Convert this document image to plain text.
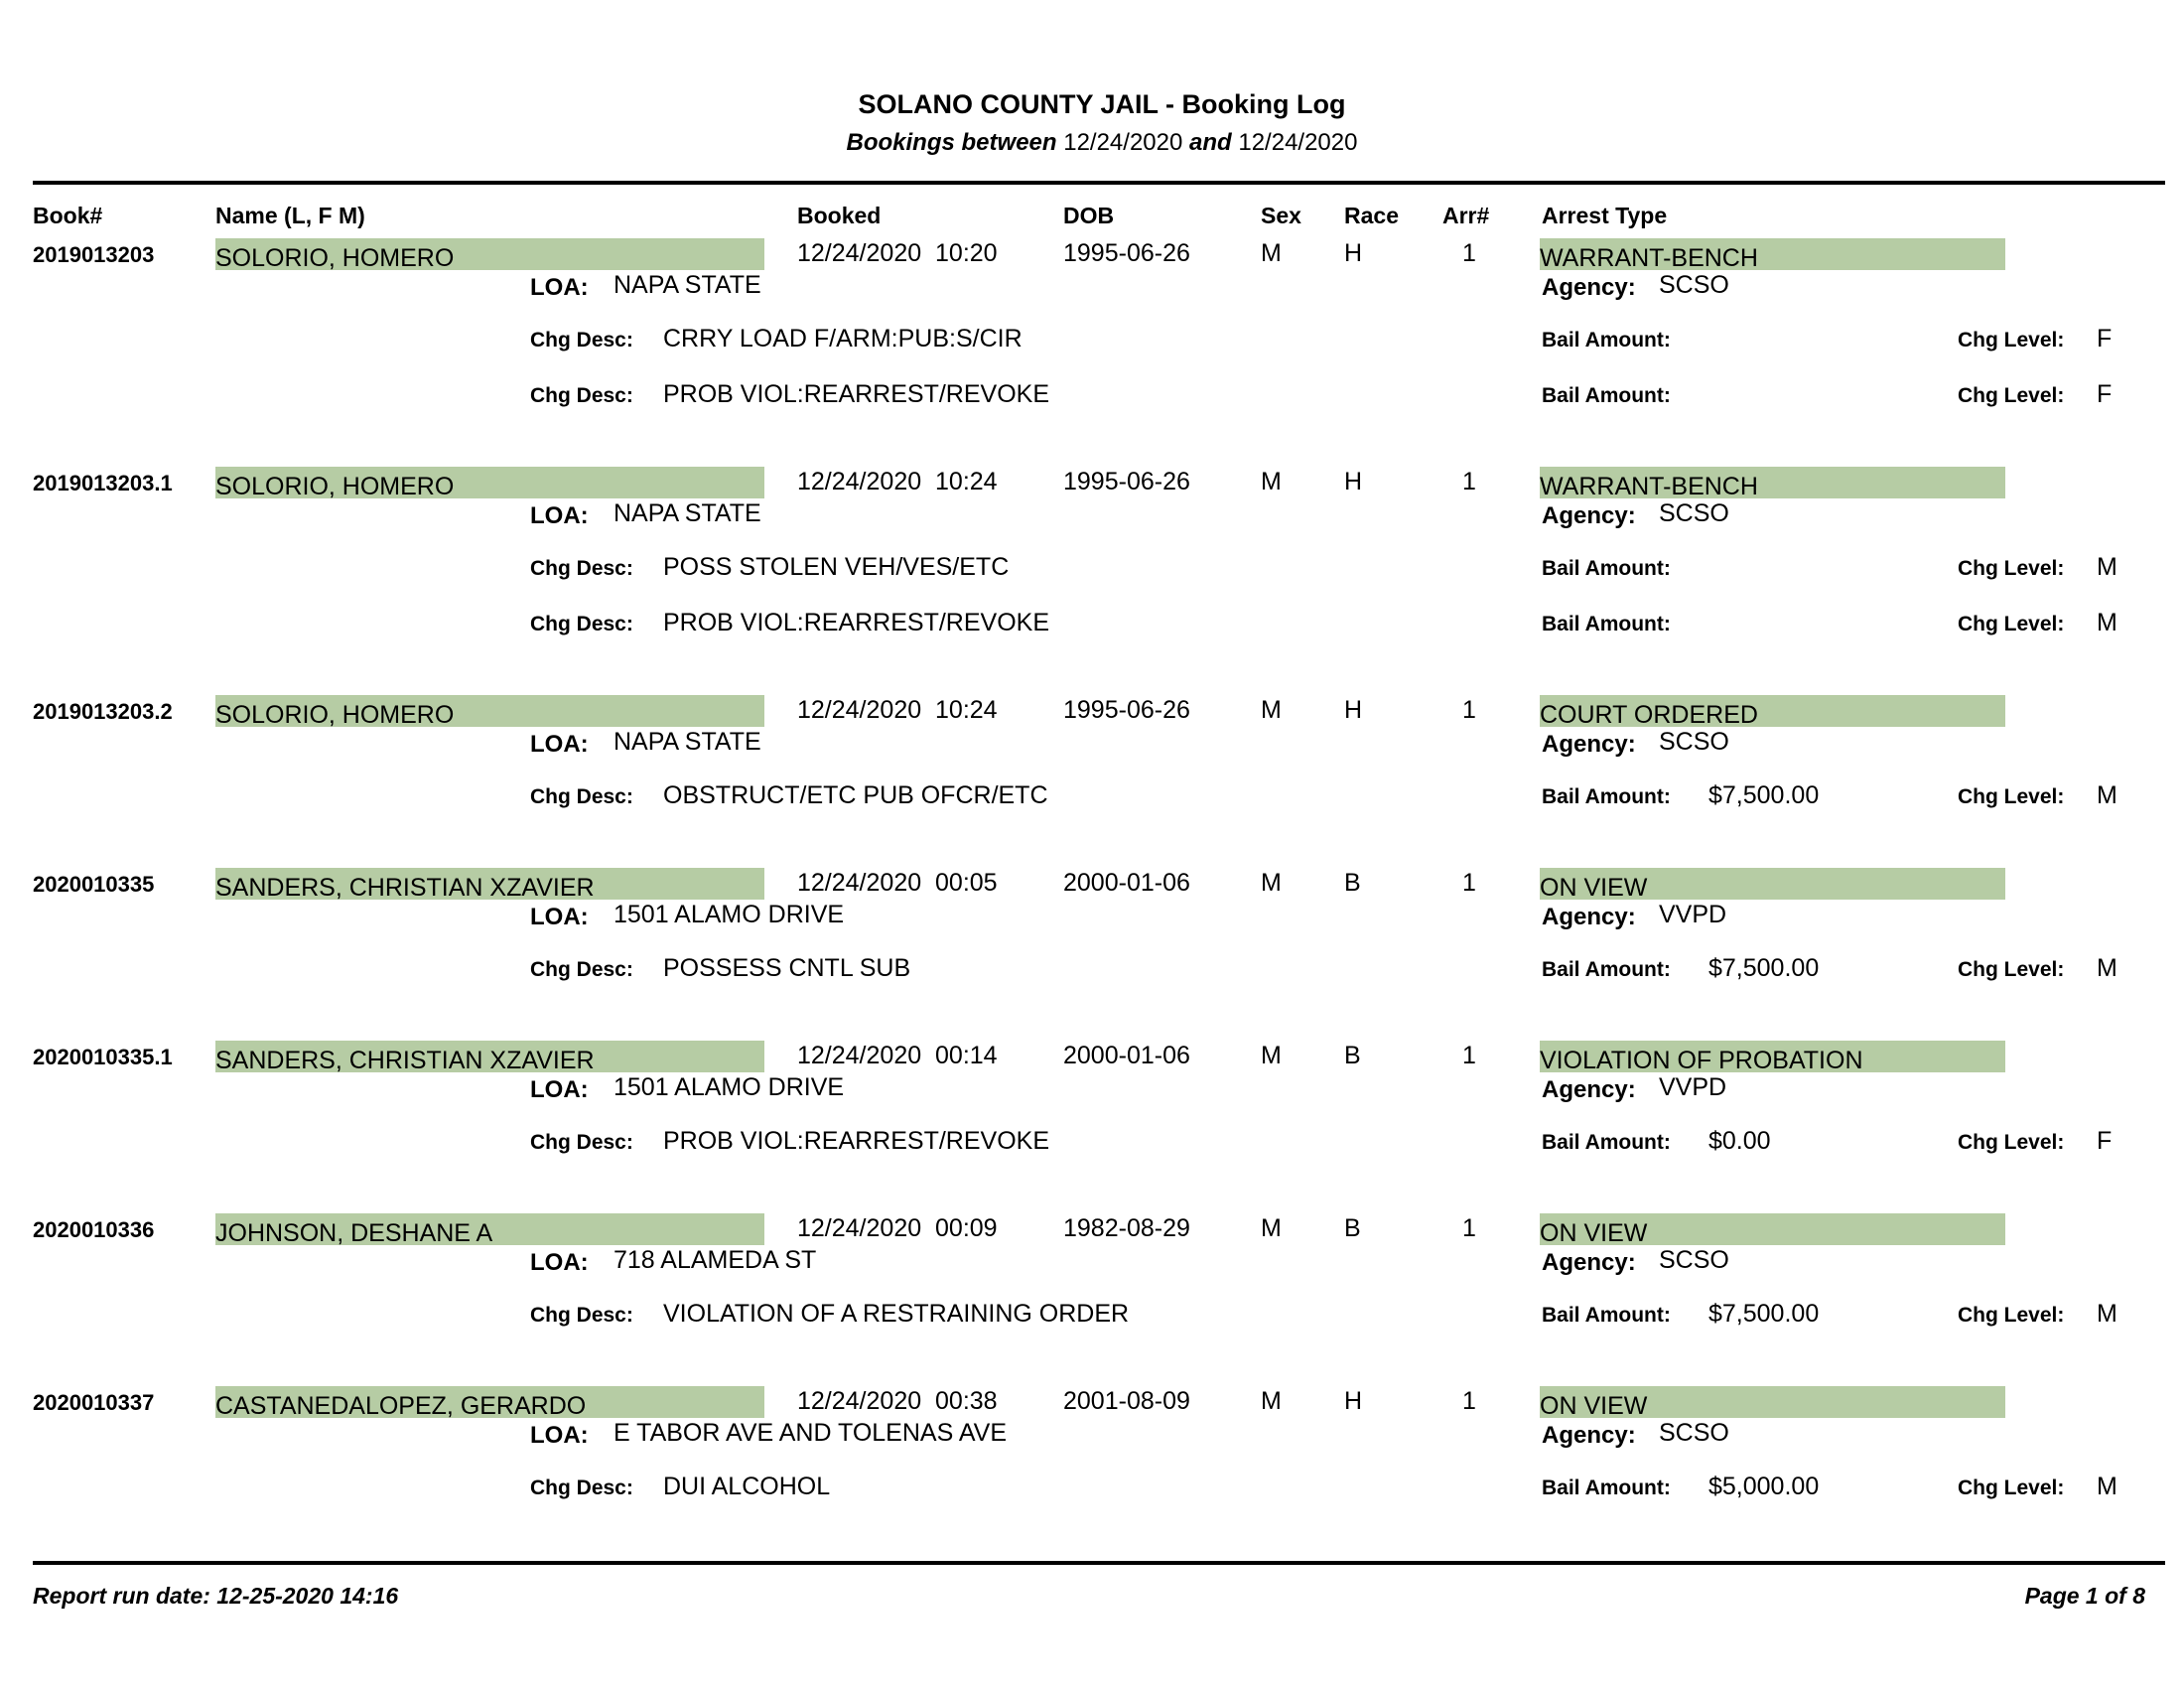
SOLANO COUNTY JAIL - Booking Log
Bookings between 12/24/2020 and 12/24/2020
Book#	Name (L, F M)	Booked	DOB	Sex Race Arr# Arrest Type
2019013203 SOLORIO, HOMERO	12/24/2020  10:20	1995-06-26	M	H	1	WARRANT-BENCH
LOA: NAPA STATE	Agency: SCSO
Chg Desc: CRRY LOAD F/ARM:PUB:S/CIR	Bail Amount:	Chg Level: F
Chg Desc: PROB VIOL:REARREST/REVOKE	Bail Amount:	Chg Level: F
2019013203.1 SOLORIO, HOMERO	12/24/2020  10:24	1995-06-26	M	H	1	WARRANT-BENCH
LOA: NAPA STATE	Agency: SCSO
Chg Desc: POSS STOLEN VEH/VES/ETC	Bail Amount:	Chg Level: M
Chg Desc: PROB VIOL:REARREST/REVOKE	Bail Amount:	Chg Level: M
2019013203.2 SOLORIO, HOMERO	12/24/2020  10:24	1995-06-26	M	H	1	COURT ORDERED
LOA: NAPA STATE	Agency: SCSO
Chg Desc: OBSTRUCT/ETC PUB OFCR/ETC	Bail Amount: $7,500.00	Chg Level: M
2020010335 SANDERS, CHRISTIAN XZAVIER	12/24/2020  00:05	2000-01-06	M	B	1	ON VIEW
LOA: 1501 ALAMO DRIVE	Agency: VVPD
Chg Desc: POSSESS CNTL SUB	Bail Amount: $7,500.00	Chg Level: M
2020010335.1 SANDERS, CHRISTIAN XZAVIER	12/24/2020  00:14	2000-01-06	M	B	1	VIOLATION OF PROBATION
LOA: 1501 ALAMO DRIVE	Agency: VVPD
Chg Desc: PROB VIOL:REARREST/REVOKE	Bail Amount: $0.00	Chg Level: F
2020010336 JOHNSON, DESHANE A	12/24/2020  00:09	1982-08-29	M	B	1	ON VIEW
LOA: 718 ALAMEDA ST	Agency: SCSO
Chg Desc: VIOLATION OF A RESTRAINING ORDER	Bail Amount: $7,500.00	Chg Level: M
2020010337 CASTANEDALOPEZ, GERARDO	12/24/2020  00:38	2001-08-09	M	H	1	ON VIEW
LOA: E TABOR AVE AND TOLENAS AVE	Agency: SCSO
Chg Desc: DUI ALCOHOL	Bail Amount: $5,000.00	Chg Level: M
Report run date: 12-25-2020 14:16	Page 1 of 8
